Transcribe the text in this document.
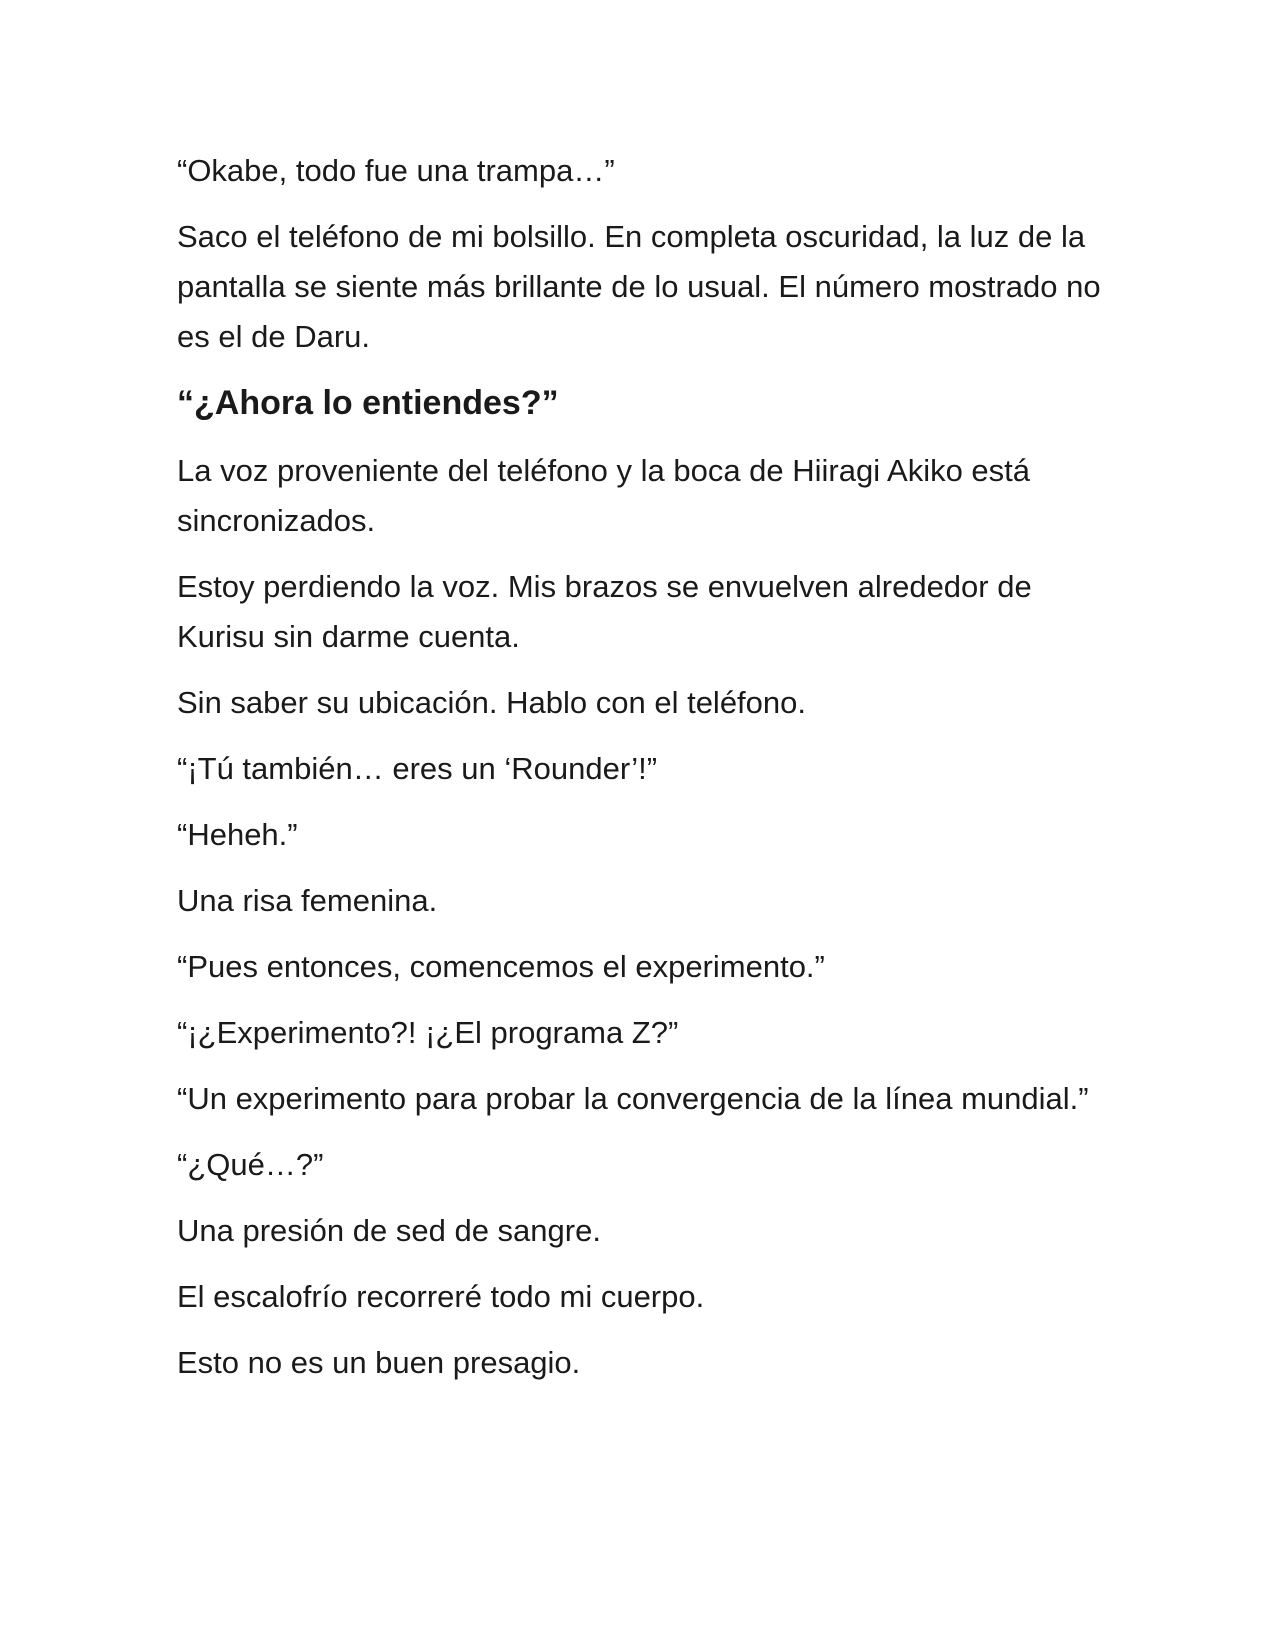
“Okabe, todo fue una trampa…”

Saco el teléfono de mi bolsillo. En completa oscuridad, la luz de la pantalla se siente más brillante de lo usual. El número mostrado no es el de Daru.

“¿Ahora lo entiendes?”

La voz proveniente del teléfono y la boca de Hiiragi Akiko está sincronizados.

Estoy perdiendo la voz. Mis brazos se envuelven alrededor de Kurisu sin darme cuenta.

Sin saber su ubicación. Hablo con el teléfono.

“¡Tú también… eres un ‘Rounder’!”

“Heheh.”

Una risa femenina.

“Pues entonces, comencemos el experimento.”

“¡¿Experimento?! ¡¿El programa Z?”

“Un experimento para probar la convergencia de la línea mundial.”

“¿Qué…?”

Una presión de sed de sangre.

El escalofrío recorreré todo mi cuerpo.

Esto no es un buen presagio.
